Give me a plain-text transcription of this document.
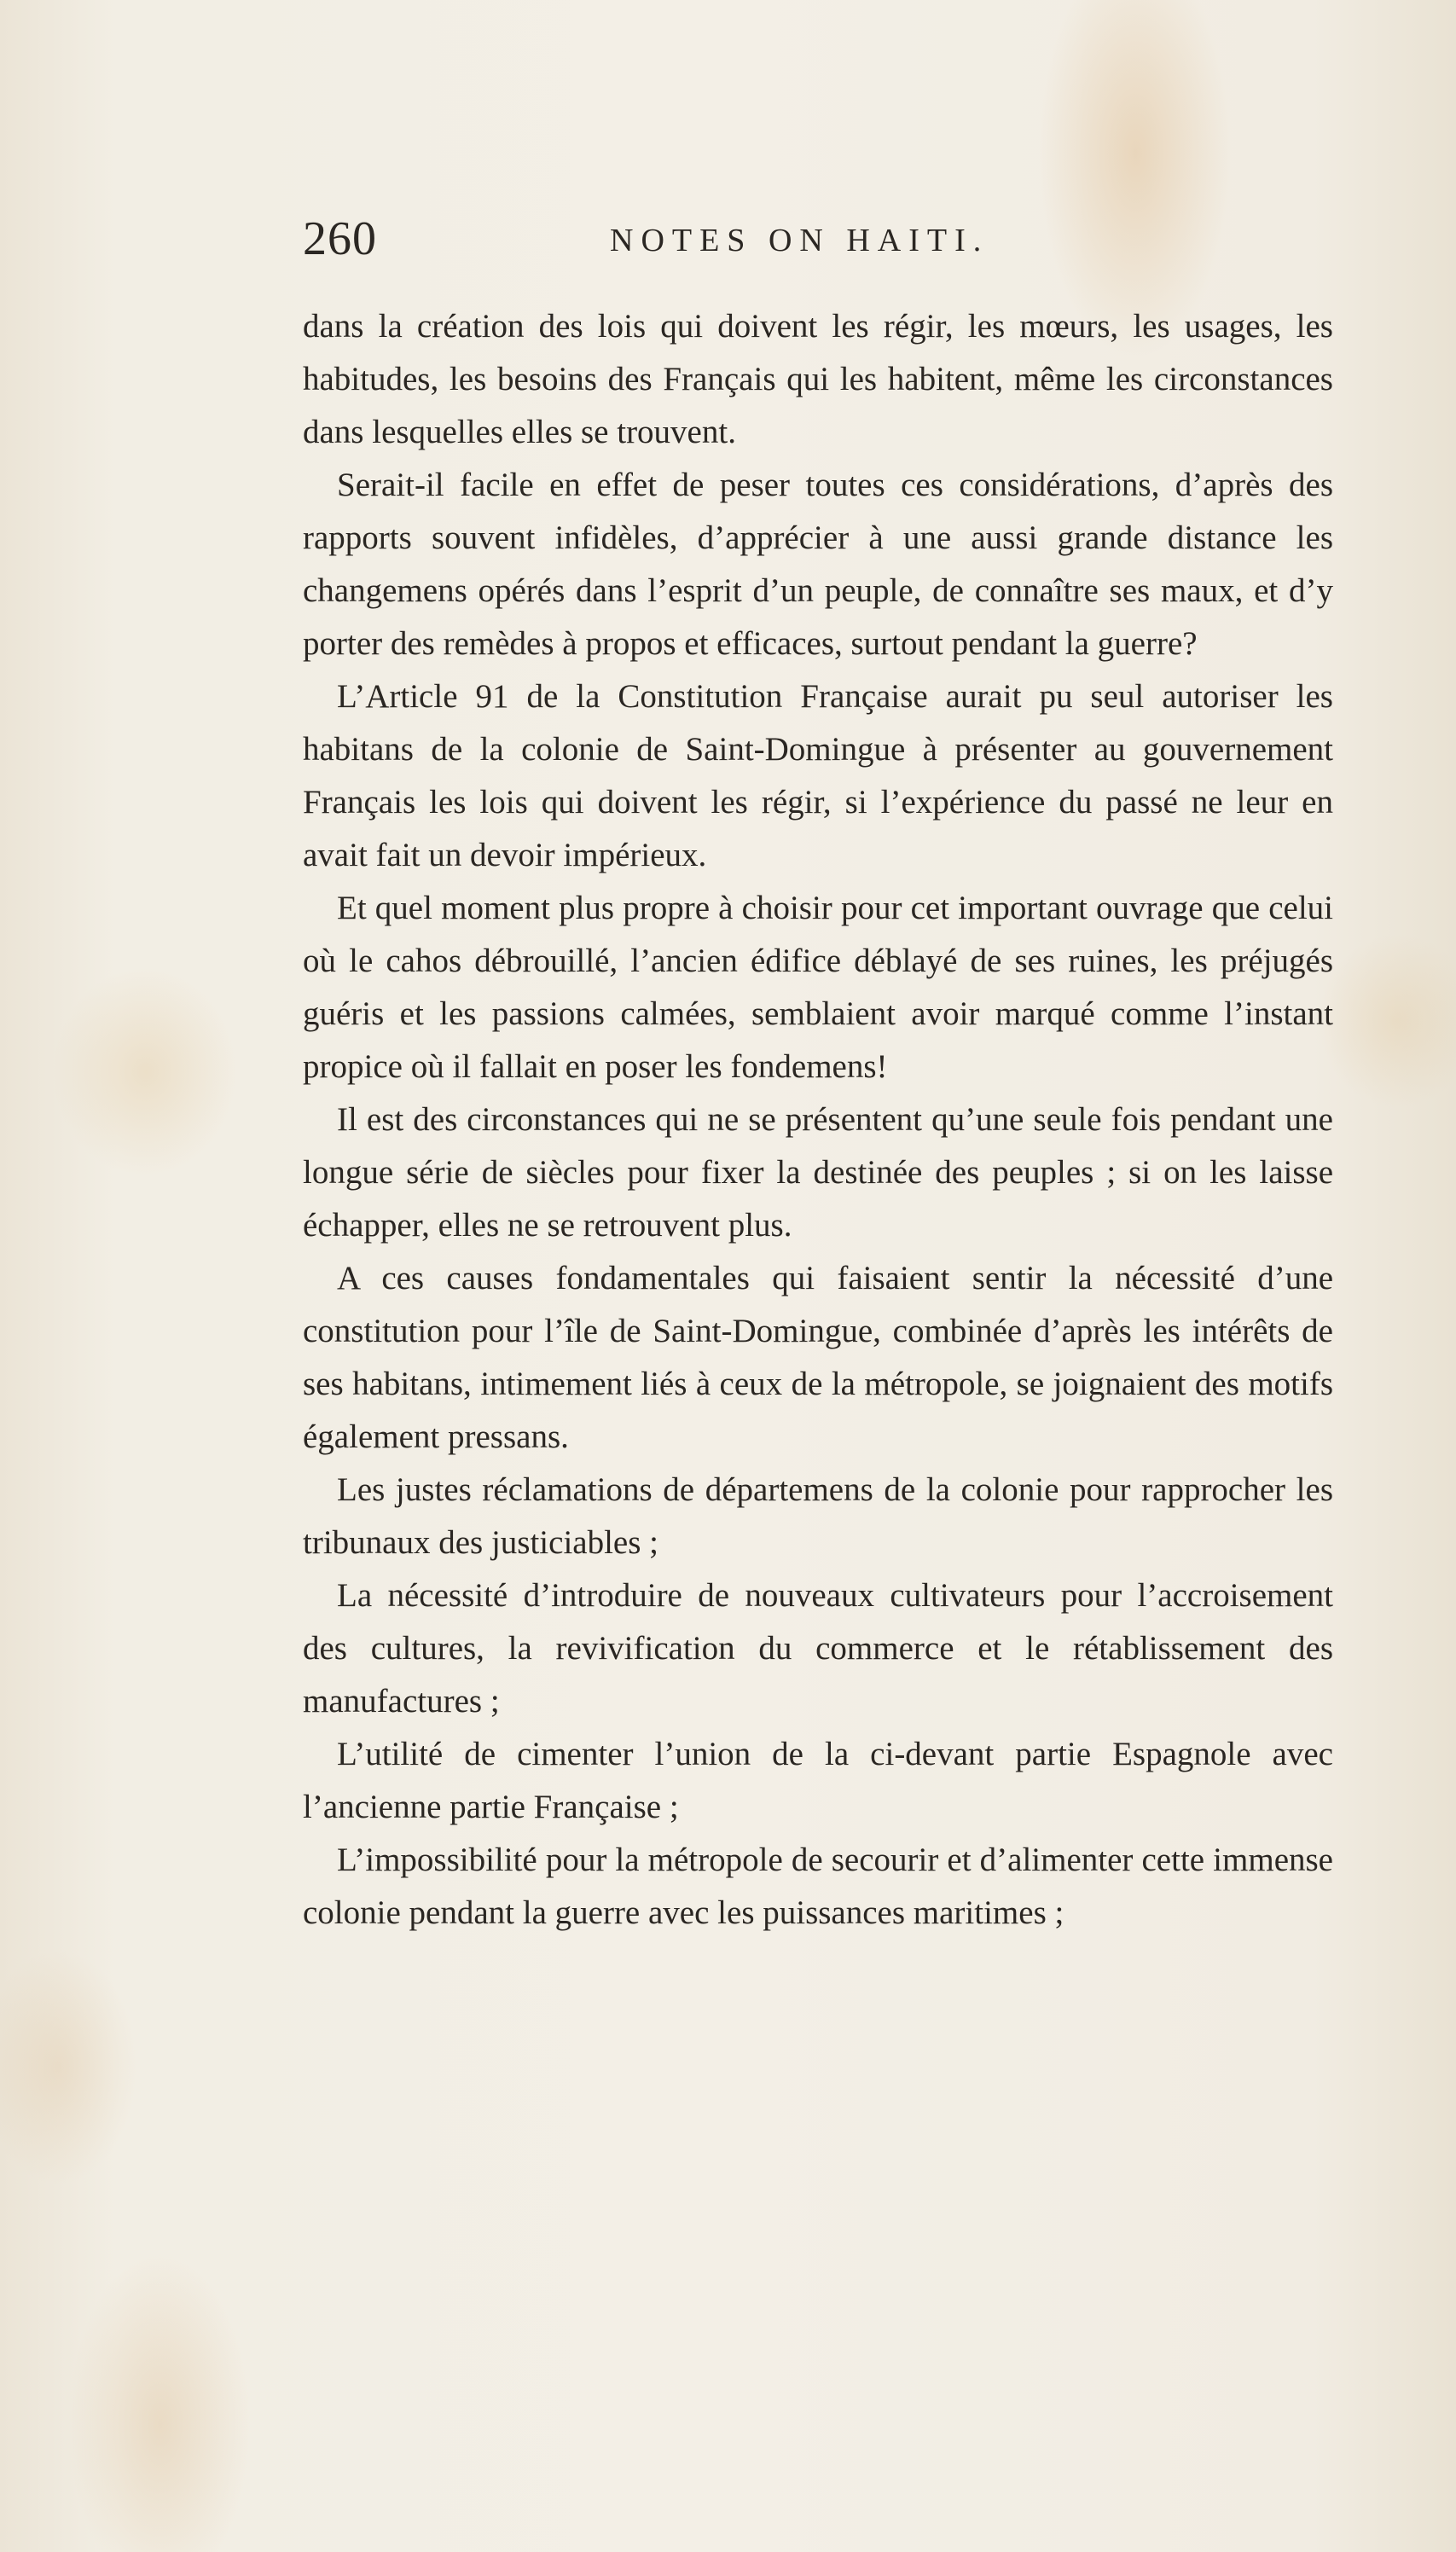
260	NOTES ON HAITI.

dans la création des lois qui doivent les régir, les mœurs, les usages, les habitudes, les besoins des Français qui les habitent, même les circonstances dans lesquelles elles se trouvent.

Serait-il facile en effet de peser toutes ces considérations, d’après des rapports souvent infidèles, d’apprécier à une aussi grande distance les changemens opérés dans l’esprit d’un peuple, de connaître ses maux, et d’y porter des remèdes à propos et efficaces, surtout pendant la guerre?

L’Article 91 de la Constitution Française aurait pu seul autoriser les habitans de la colonie de Saint-Domingue à présenter au gouvernement Français les lois qui doivent les régir, si l’expérience du passé ne leur en avait fait un devoir impérieux.

Et quel moment plus propre à choisir pour cet important ouvrage que celui où le cahos débrouillé, l’ancien édifice déblayé de ses ruines, les préjugés guéris et les passions calmées, semblaient avoir marqué comme l’instant propice où il fallait en poser les fondemens!

Il est des circonstances qui ne se présentent qu’une seule fois pendant une longue série de siècles pour fixer la destinée des peuples ; si on les laisse échapper, elles ne se retrouvent plus.

A ces causes fondamentales qui faisaient sentir la nécessité d’une constitution pour l’île de Saint-Domingue, combinée d’après les intérêts de ses habitans, intimement liés à ceux de la métropole, se joignaient des motifs également pressans.

Les justes réclamations de départemens de la colonie pour rapprocher les tribunaux des justiciables ;

La nécessité d’introduire de nouveaux cultivateurs pour l’accroisement des cultures, la revivification du commerce et le rétablissement des manufactures ;

L’utilité de cimenter l’union de la ci-devant partie Espagnole avec l’ancienne partie Française ;

L’impossibilité pour la métropole de secourir et d’alimenter cette immense colonie pendant la guerre avec les puissances maritimes ;
